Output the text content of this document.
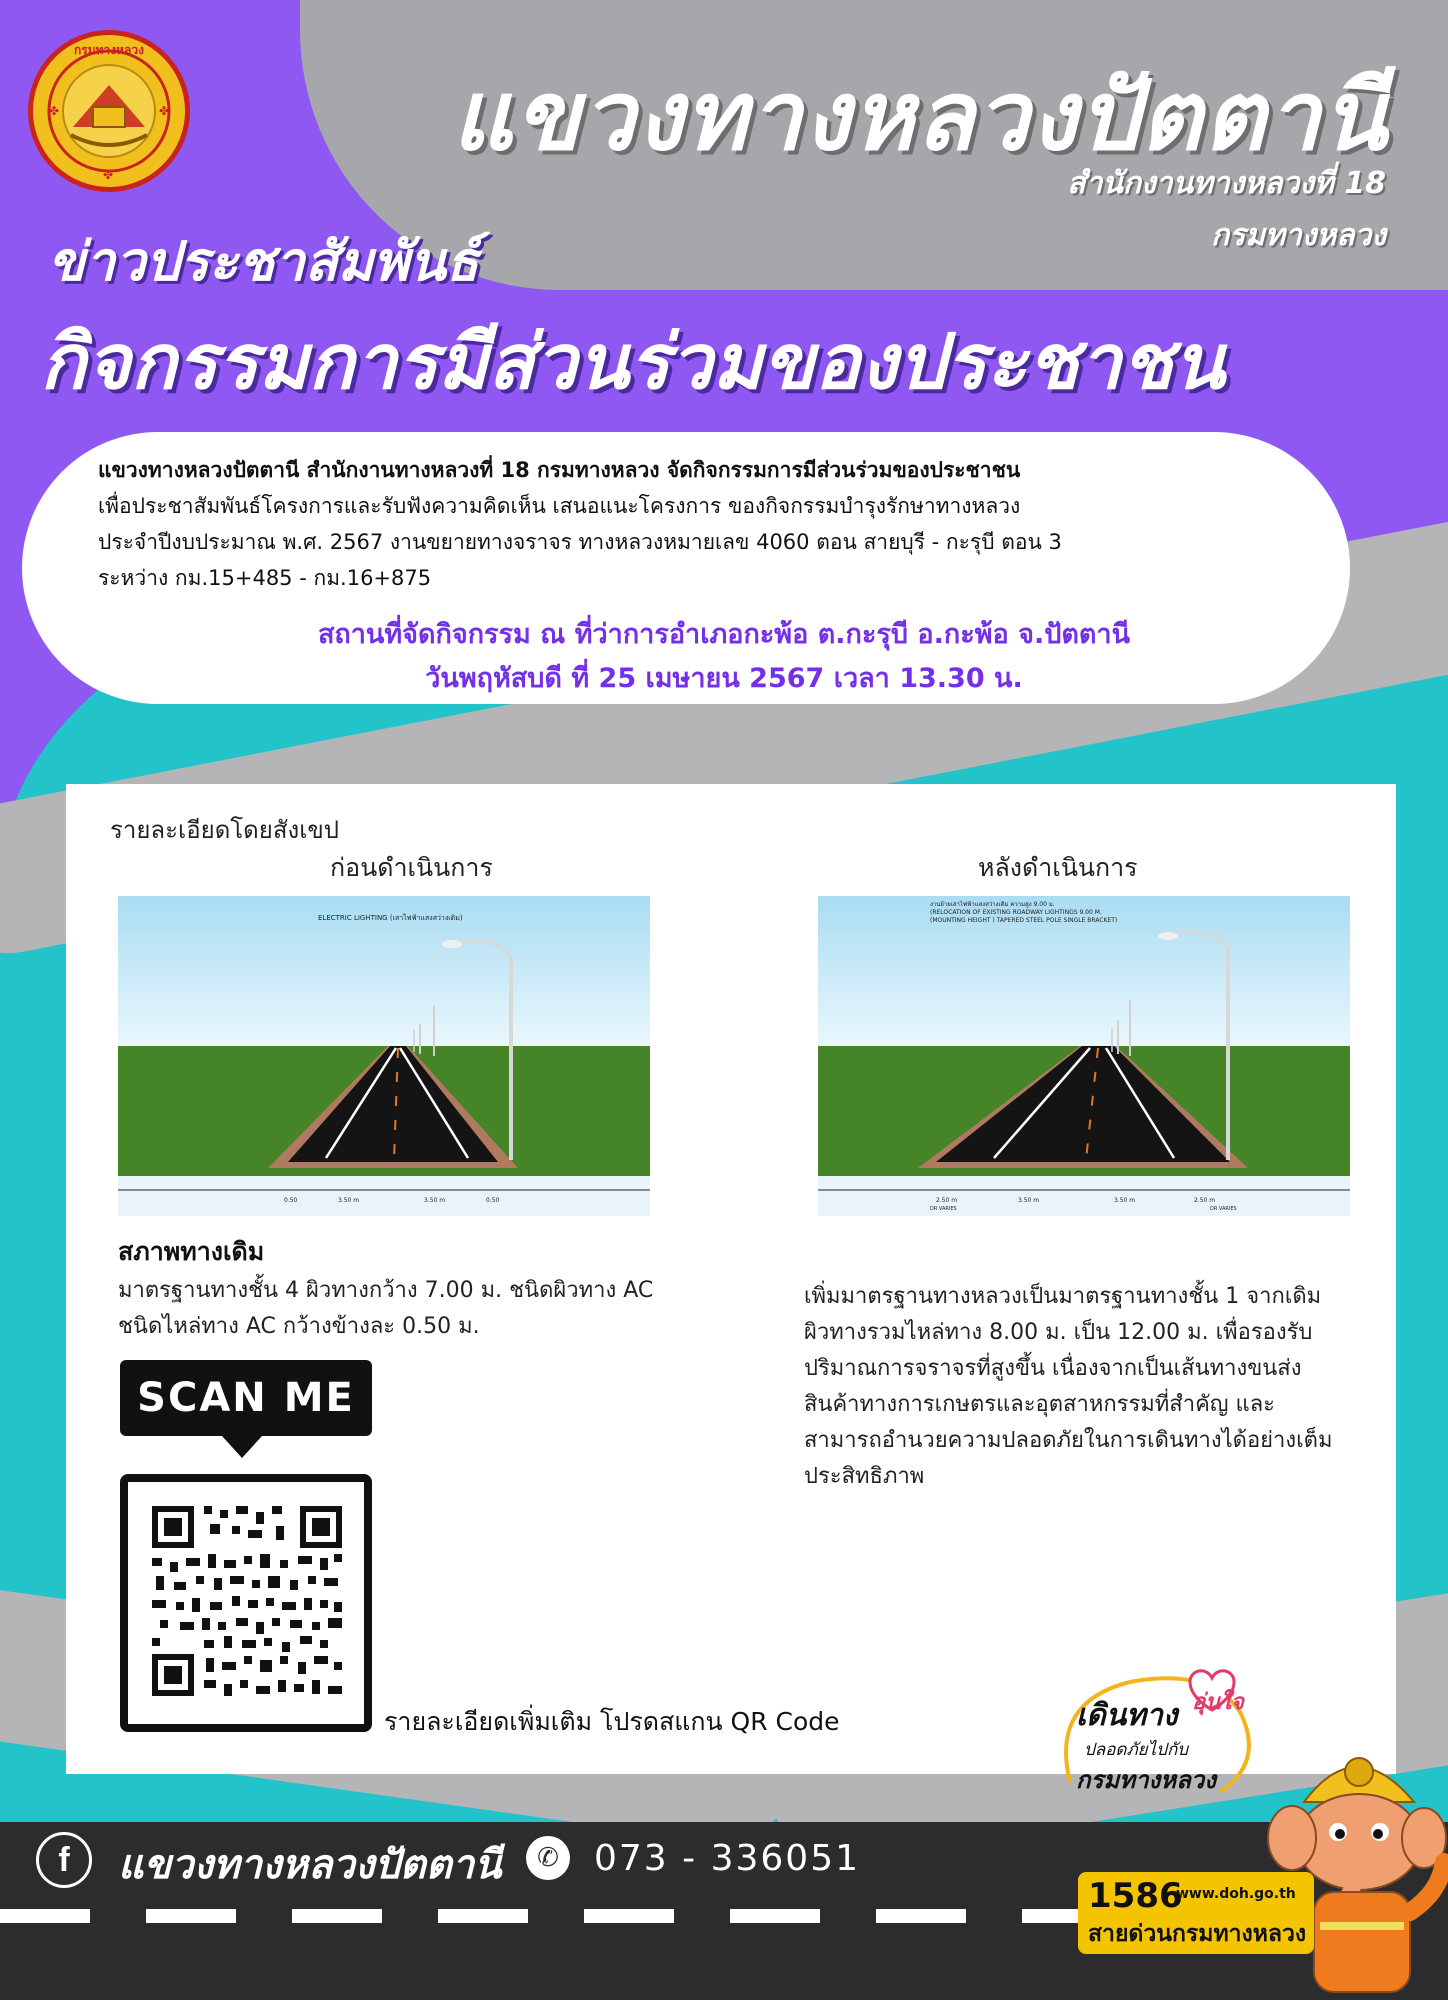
✤	✤
✤
กรมทางหลวง
แขวงทางหลวงปัตตานี
สำนักงานทางหลวงที่ 18
กรมทางหลวง
ข่าวประชาสัมพันธ์
กิจกรรมการมีส่วนร่วมของประชาชน
แขวงทางหลวงปัตตานี สำนักงานทางหลวงที่ 18 กรมทางหลวง จัดกิจกรรมการมีส่วนร่วมของประชาชน
เพื่อประชาสัมพันธ์โครงการและรับฟังความคิดเห็น เสนอแนะโครงการ ของกิจกรรมบำรุงรักษาทางหลวง
ประจำปีงบประมาณ พ.ศ. 2567 งานขยายทางจราจร ทางหลวงหมายเลข 4060 ตอน สายบุรี - กะรุบี ตอน 3
ระหว่าง กม.15+485 - กม.16+875
สถานที่จัดกิจกรรม ณ ที่ว่าการอำเภอกะพ้อ ต.กะรุบี อ.กะพ้อ จ.ปัตตานี
วันพฤหัสบดี ที่ 25 เมษายน 2567 เวลา 13.30 น.
รายละเอียดโดยสังเขป
ก่อนดำเนินการ	หลังดำเนินการ
ELECTRIC LIGHTING (เสาไฟฟ้าแสงสว่างเดิม)
0.50	3.50 m	3.50 m	0.50
งานย้ายเสาไฟฟ้าแสงสว่างเดิม ความสูง 9.00 ม.
(RELOCATION OF EXISTING ROADWAY LIGHTINGS 9.00 M.
(MOUNTING HEIGHT ) TAPERED STEEL POLE SINGLE BRACKET)
2.50 m	3.50 m	3.50 m	2.50 m
DR VARIES	DR VARIES
สภาพทางเดิม
มาตรฐานทางชั้น 4 ผิวทางกว้าง 7.00 ม. ชนิดผิวทาง AC
ชนิดไหล่ทาง AC กว้างข้างละ 0.50 ม.
เพิ่มมาตรฐานทางหลวงเป็นมาตรฐานทางชั้น 1 จากเดิม
ผิวทางรวมไหล่ทาง 8.00 ม. เป็น 12.00 ม. เพื่อรองรับ
ปริมาณการจราจรที่สูงขึ้น เนื่องจากเป็นเส้นทางขนส่ง
สินค้าทางการเกษตรและอุตสาหกรรมที่สำคัญ และ
สามารถอำนวยความปลอดภัยในการเดินทางได้อย่างเต็ม
ประสิทธิภาพ
SCAN ME
รายละเอียดเพิ่มเติม โปรดสแกน QR Code	เดินทาง อุ่นใจ
ปลอดภัยไปกับ
กรมทางหลวง
f	แขวงทางหลวงปัตตานี	✆ 073 - 336051
1586
www.doh.go.th
สายด่วนกรมทางหลวง
